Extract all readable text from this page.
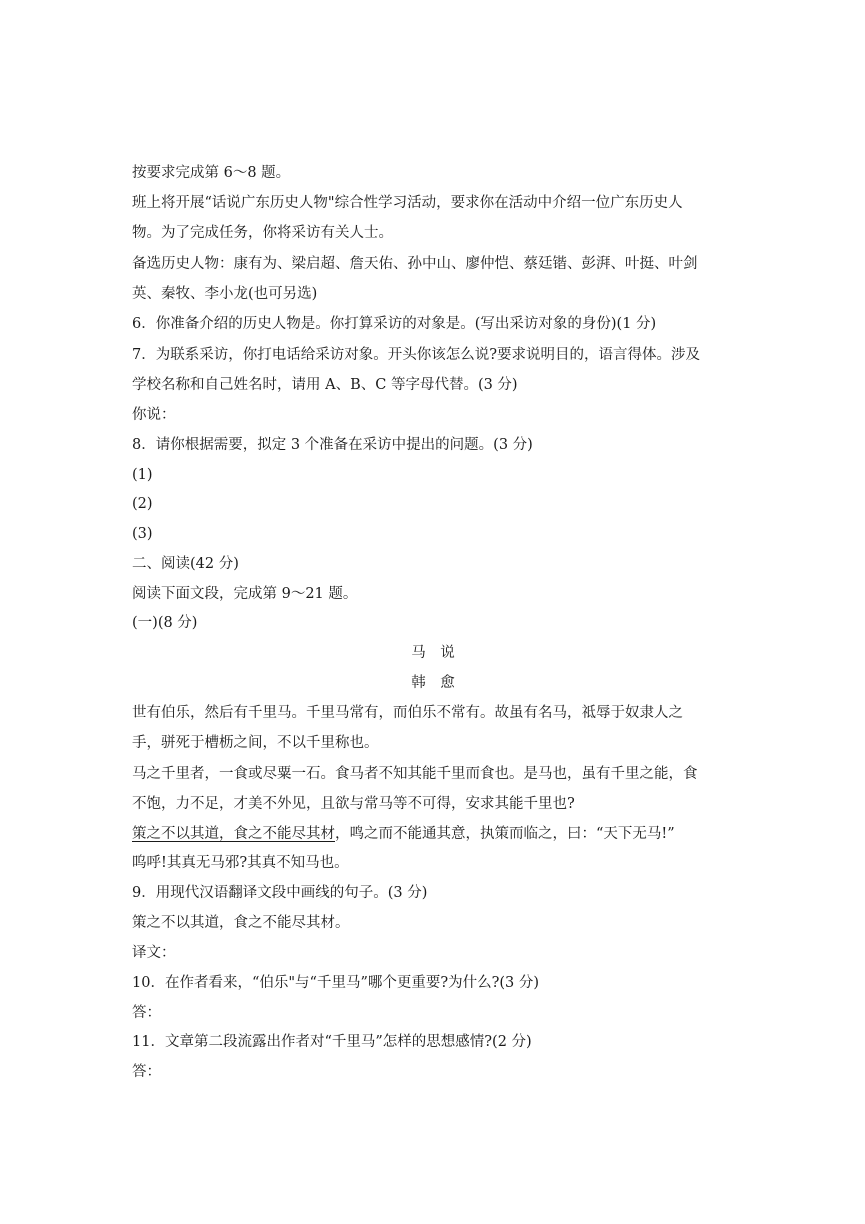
按要求完成第 6～8 题。
班上将开展“话说广东历史人物"综合性学习活动，要求你在活动中介绍一位广东历史人
物。为了完成任务，你将采访有关人士。
备选历史人物：康有为、梁启超、詹天佑、孙中山、廖仲恺、蔡廷锴、彭湃、叶挺、叶剑
英、秦牧、李小龙(也可另选)
6．你准备介绍的历史人物是。你打算采访的对象是。(写出采访对象的身份)(1 分)
7．为联系采访，你打电话给采访对象。开头你该怎么说?要求说明目的，语言得体。涉及
学校名称和自己姓名时，请用 A、B、C 等字母代替。(3 分)
你说：
8．请你根据需要，拟定 3 个准备在采访中提出的问题。(3 分)
(1)
(2)
(3)
二、阅读(42 分)
阅读下面文段，完成第 9～21 题。
(一)(8 分)
马　说
韩　愈
世有伯乐，然后有千里马。千里马常有，而伯乐不常有。故虽有名马，祗辱于奴隶人之
手，骈死于槽枥之间，不以千里称也。
马之千里者，一食或尽粟一石。食马者不知其能千里而食也。是马也，虽有千里之能，食
不饱，力不足，才美不外见，且欲与常马等不可得，安求其能千里也?
策之不以其道，食之不能尽其材，鸣之而不能通其意，执策而临之，曰：“天下无马!”
呜呼!其真无马邪?其真不知马也。
9．用现代汉语翻译文段中画线的句子。(3 分)
策之不以其道，食之不能尽其材。
译文：
10．在作者看来，“伯乐"与“千里马”哪个更重要?为什么?(3 分)
答：
11．文章第二段流露出作者对“千里马”怎样的思想感情?(2 分)
答：
